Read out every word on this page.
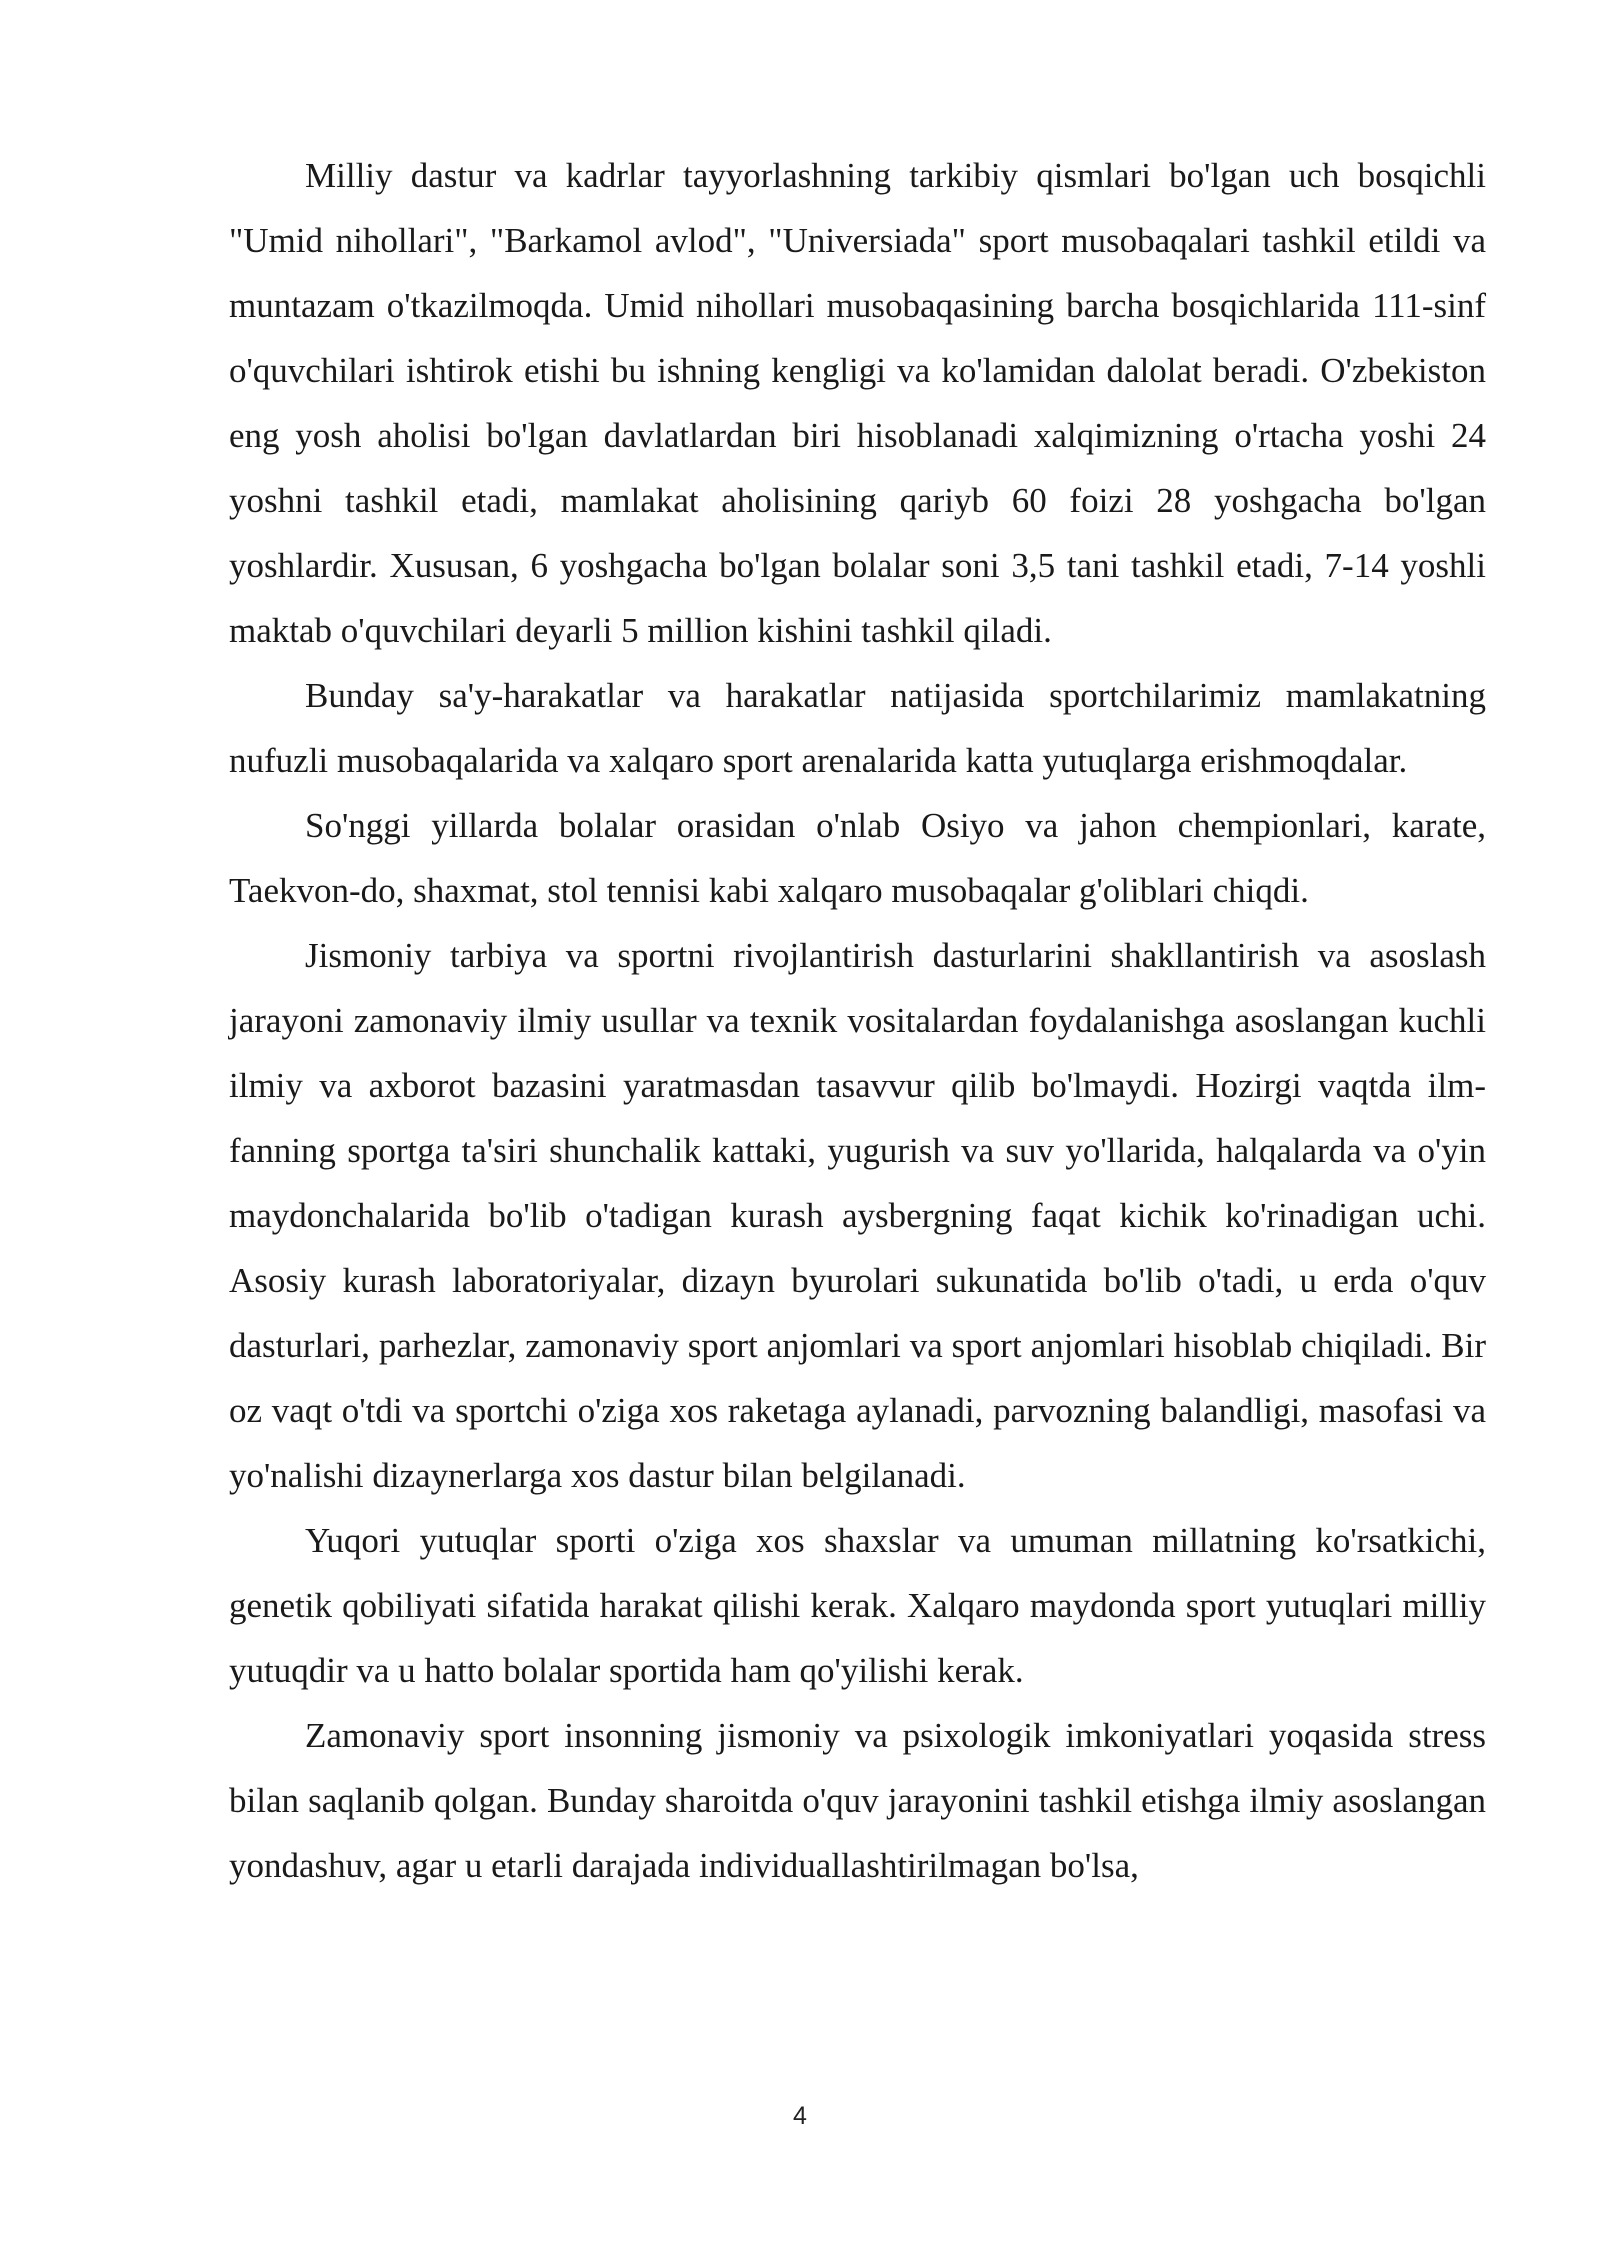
Milliy dastur va kadrlar tayyorlashning tarkibiy qismlari bo'lgan uch bosqichli "Umid nihollari", "Barkamol avlod", "Universiada" sport musobaqalari tashkil etildi va muntazam o'tkazilmoqda. Umid nihollari musobaqasining barcha bosqichlarida 111-sinf o'quvchilari ishtirok etishi bu ishning kengligi va ko'lamidan dalolat beradi. O'zbekiston eng yosh aholisi bo'lgan davlatlardan biri hisoblanadi xalqimizning o'rtacha yoshi 24 yoshni tashkil etadi, mamlakat aholisining qariyb 60 foizi 28 yoshgacha bo'lgan yoshlardir. Xususan, 6 yoshgacha bo'lgan bolalar soni 3,5 tani tashkil etadi, 7-14 yoshli maktab o'quvchilari deyarli 5 million kishini tashkil qiladi.

Bunday sa'y-harakatlar va harakatlar natijasida sportchilarimiz mamlakatning nufuzli musobaqalarida va xalqaro sport arenalarida katta yutuqlarga erishmoqdalar.

So'nggi yillarda bolalar orasidan o'nlab Osiyo va jahon chempionlari, karate, Taekvon-do, shaxmat, stol tennisi kabi xalqaro musobaqalar g'oliblari chiqdi.

Jismoniy tarbiya va sportni rivojlantirish dasturlarini shakllantirish va asoslash jarayoni zamonaviy ilmiy usullar va texnik vositalardan foydalanishga asoslangan kuchli ilmiy va axborot bazasini yaratmasdan tasavvur qilib bo'lmaydi. Hozirgi vaqtda ilm-fanning sportga ta'siri shunchalik kattaki, yugurish va suv yo'llarida, halqalarda va o'yin maydonchalarida bo'lib o'tadigan kurash aysbergning faqat kichik ko'rinadigan uchi. Asosiy kurash laboratoriyalar, dizayn byurolari sukunatida bo'lib o'tadi, u erda o'quv dasturlari, parhezlar, zamonaviy sport anjomlari va sport anjomlari hisoblab chiqiladi. Bir oz vaqt o'tdi va sportchi o'ziga xos raketaga aylanadi, parvozning balandligi, masofasi va yo'nalishi dizaynerlarga xos dastur bilan belgilanadi.

Yuqori yutuqlar sporti o'ziga xos shaxslar va umuman millatning ko'rsatkichi, genetik qobiliyati sifatida harakat qilishi kerak. Xalqaro maydonda sport yutuqlari milliy yutuqdir va u hatto bolalar sportida ham qo'yilishi kerak.

Zamonaviy sport insonning jismoniy va psixologik imkoniyatlari yoqasida stress bilan saqlanib qolgan. Bunday sharoitda o'quv jarayonini tashkil etishga ilmiy asoslangan yondashuv, agar u etarli darajada individuallashtirilmagan bo'lsa,

4
